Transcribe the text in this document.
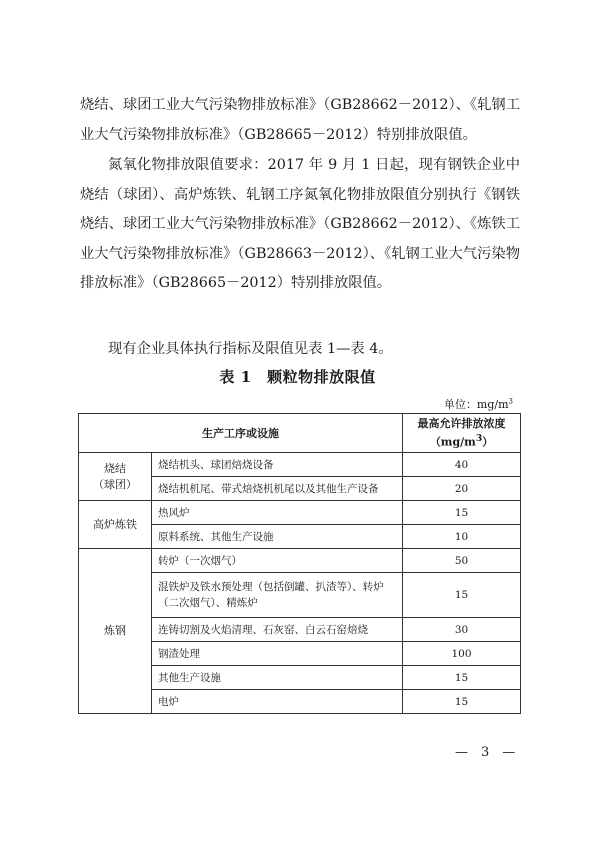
烧结、球团工业大气污染物排放标准》（GB28662－2012）、《轧钢工业大气污染物排放标准》（GB28665－2012）特别排放限值。

氮氧化物排放限值要求：2017 年 9 月 1 日起，现有钢铁企业中烧结（球团）、高炉炼铁、轧钢工序氮氧化物排放限值分别执行《钢铁烧结、球团工业大气污染物排放标准》（GB28662－2012）、《炼铁工业大气污染物排放标准》（GB28663－2012）、《轧钢工业大气污染物排放标准》（GB28665－2012）特别排放限值。

现有企业具体执行指标及限值见表 1—表 4。

表 1　颗粒物排放限值

单位：$mg/m^3$

生产工序或设施		最高允许排放浓度
$(mg/m^3)$
烧结
（球团）	烧结机头、球团焙烧设备	40
	烧结机机尾、带式焙烧机机尾以及其他生产设备	20
高炉炼铁	热风炉	15
	原料系统、其他生产设施	10
炼钢	转炉（一次烟气）	50
	混铁炉及铁水预处理（包括倒罐、扒渣等）、转炉（二次烟气）、精炼炉	15
	连铸切割及火焰清理、石灰窑、白云石窑焙烧	30
	钢渣处理	100
	其他生产设施	15
	电炉	15

—　3　—
